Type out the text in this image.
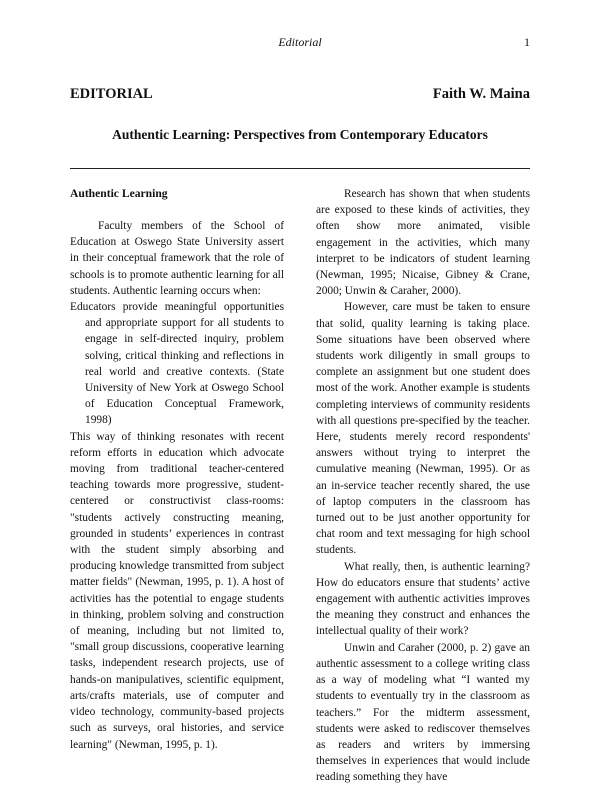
Editorial	1
EDITORIAL	Faith W. Maina
Authentic Learning: Perspectives from Contemporary Educators

Authentic Learning

Faculty members of the School of Education at Oswego State University assert in their conceptual framework that the role of schools is to promote authentic learning for all students. Authentic learning occurs when:

Educators provide meaningful opportunities and appropriate support for all students to engage in self-directed inquiry, problem solving, critical thinking and reflections in real world and creative contexts. (State University of New York at Oswego School of Education Conceptual Framework, 1998)

This way of thinking resonates with recent reform efforts in education which advocate moving from traditional teacher-centered teaching towards more progressive, student-centered or constructivist class-rooms: "students actively constructing meaning, grounded in students’ experiences in contrast with the student simply absorbing and producing knowledge transmitted from subject matter fields" (Newman, 1995, p. 1). A host of activities has the potential to engage students in thinking, problem solving and construction of meaning, including but not limited to, "small group discussions, cooperative learning tasks, independent research projects, use of hands-on manipulatives, scientific equipment, arts/crafts materials, use of computer and video technology, community-based projects such as surveys, oral histories, and service learning" (Newman, 1995, p. 1).

Research has shown that when students are exposed to these kinds of activities, they often show more animated, visible engagement in the activities, which many interpret to be indicators of student learning (Newman, 1995; Nicaise, Gibney & Crane, 2000; Unwin & Caraher, 2000).

However, care must be taken to ensure that solid, quality learning is taking place. Some situations have been observed where students work diligently in small groups to complete an assignment but one student does most of the work. Another example is students completing interviews of community residents with all questions pre-specified by the teacher. Here, students merely record respondents' answers without trying to interpret the cumulative meaning (Newman, 1995). Or as an in-service teacher recently shared, the use of laptop computers in the classroom has turned out to be just another opportunity for chat room and text messaging for high school students.

What really, then, is authentic learning? How do educators ensure that students’ active engagement with authentic activities improves the meaning they construct and enhances the intellectual quality of their work?

Unwin and Caraher (2000, p. 2) gave an authentic assessment to a college writing class as a way of modeling what “I wanted my students to eventually try in the classroom as teachers.” For the midterm assessment, students were asked to rediscover themselves as readers and writers by immersing themselves in experiences that would include reading something they have
